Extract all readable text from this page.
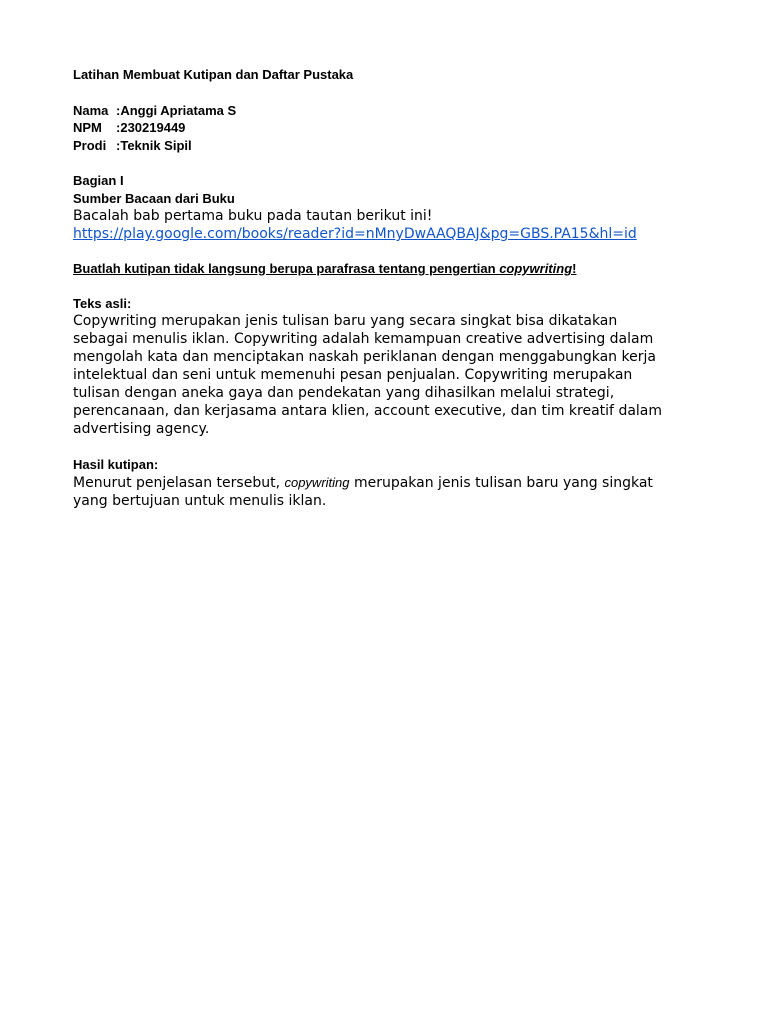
Latihan Membuat Kutipan dan Daftar Pustaka
Nama : Anggi Apriatama S
NPM	: 230219449
Prodi : Teknik Sipil
Bagian I
Sumber Bacaan dari Buku
Bacalah bab pertama buku pada tautan berikut ini!
https://play.google.com/books/reader?id=nMnyDwAAQBAJ&pg=GBS.PA15&hl=id
Buatlah kutipan tidak langsung berupa parafrasa tentang pengertian copywriting!
Teks asli:
Copywriting merupakan jenis tulisan baru yang secara singkat bisa dikatakan
sebagai menulis iklan. Copywriting adalah kemampuan creative advertising dalam
mengolah kata dan menciptakan naskah periklanan dengan menggabungkan kerja
intelektual dan seni untuk memenuhi pesan penjualan. Copywriting merupakan
tulisan dengan aneka gaya dan pendekatan yang dihasilkan melalui strategi,
perencanaan, dan kerjasama antara klien, account executive, dan tim kreatif dalam
advertising agency.
Hasil kutipan:
Menurut penjelasan tersebut, copywriting merupakan jenis tulisan baru yang singkat
yang bertujuan untuk menulis iklan.
